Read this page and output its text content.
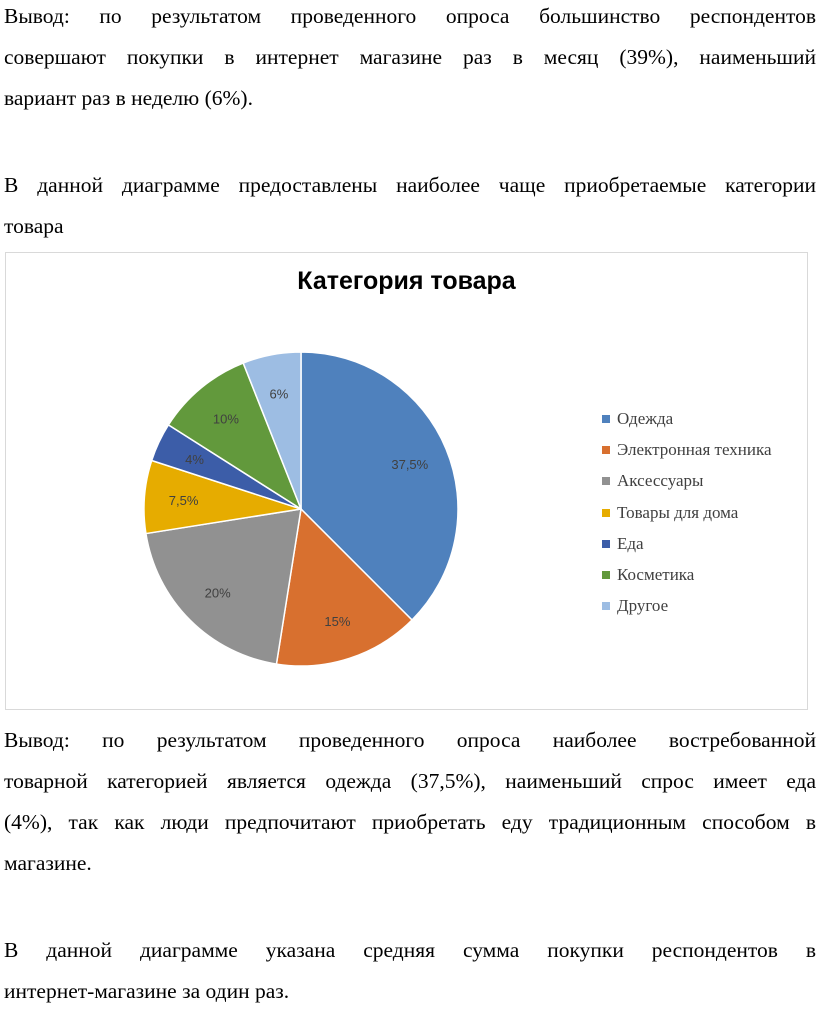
Вывод: по результатом проведенного опроса большинство респондентов
совершают покупки в интернет магазине раз в месяц (39%), наименьший
вариант раз в неделю (6%).
В данной диаграмме предоставлены наиболее чаще приобретаемые категории
товара
Категория товара
37,5%
15%
20%
7,5%
4%
10%
6%
Одежда
Электронная техника
Аксессуары
Товары для дома
Еда
Косметика
Другое
Вывод: по результатом проведенного опроса наиболее востребованной
товарной категорией является одежда (37,5%), наименьший спрос имеет еда
(4%), так как люди предпочитают приобретать еду традиционным способом в
магазине.
В данной диаграмме указана средняя сумма покупки респондентов в
интернет-магазине за один раз.
